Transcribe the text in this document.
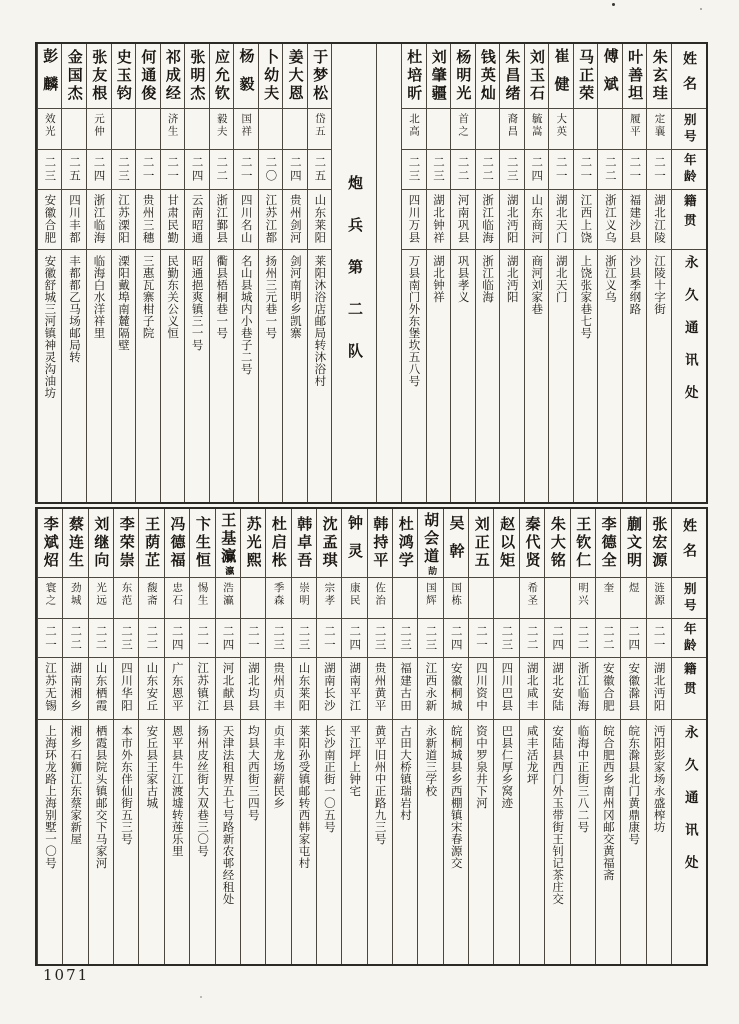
姓名
别号
年龄
籍贯
永久通讯处
朱玄珪
定襄
二一
湖北江陵
江陵十字街
叶善坦
履平
二一
福建沙县
沙县季纲路
傅斌
二二
浙江义乌
浙江义乌
马正荣
二一
江西上饶
上饶张家巷七号
崔健
大英
二一
湖北天门
湖北天门
刘玉石
毓嵩
二四
山东商河
商河刘家巷
朱昌绪
裔昌
二三
湖北沔阳
湖北沔阳
钱英灿
二二
浙江临海
浙江临海
杨明光
首之
二二
河南巩县
巩县孝义
刘肇疆
二三
湖北钟祥
湖北钟祥
杜培昕
北高
二三
四川万县
万县南门外东堡坎五八号
炮兵第二队
于梦松
岱五
二五
山东莱阳
莱阳沐浴店邮局转沐浴村
姜大恩
二四
贵州剑河
剑河南明乡凯寨
卜幼夫
二〇
江苏江都
扬州三元巷一号
杨毅
国祥
二一
四川名山
名山县城内小巷子二号
应允钦
毅夫
二二
浙江鄞县
衢县梧桐巷一号
张明杰
二四
云南昭通
昭通挹爽镇三一号
祁成经
济生
二一
甘肃民勤
民勤东关公义恒
何通俊
二一
贵州三穗
三惠瓦寨柑子院
史玉钧
二三
江苏溧阳
溧阳戴埠南麓隔壁
张友根
元仲
二四
浙江临海
临海白水洋祥里
金国杰
二五
四川丰都
丰都都乙马场邮局转
彭麟
效光
二三
安徽合肥
安徽舒城三河镇神灵沟油坊
姓名
别号
年龄
籍贯
永久通讯处
张宏源
涟源
二一
湖北沔阳
沔阳彭家场永盛榨坊
蒯文明
煜
二四
安徽滁县
皖东滁县北门黄鼎康号
李德全
奎
二二
安徽合肥
皖合肥西乡南州冈邮交黄福斋
王钦仁
明兴
二二
浙江临海
临海中正街三八二号
朱大铭
二四
湖北安陆
安陆县西门外玉带街王钊记茶庄交
秦代贤
希圣
二二
湖北咸丰
咸丰活龙坪
赵以矩
二三
四川巴县
巴县仁厚乡窝迹
刘正五
二一
四川资中
资中罗泉井下河
吴幹
国栋
二四
安徽桐城
皖桐城县乡西棚镇宋春源交
胡会道劼
国辉
二三
江西永新
永新道三学校
杜鸿学
二三
福建古田
古田大桥镇瑞岩村
韩持平
佐治
二三
贵州黄平
黄平旧州中正路九三号
钟灵
康民
二四
湖南平江
平江坪上钟宅
沈孟琪
宗孝
二一
湖南长沙
长沙南正街一〇五号
韩卓吾
崇明
二三
山东莱阳
莱阳孙受镇邮转西韩家屯村
杜启枨
季森
二三
贵州贞丰
贞丰龙场薪民乡
苏光熙
二一
湖北均县
均县大西街三四号
王基灜瀛
浩灜
二四
河北献县
天津法租界五七号路新农邨经租处
卞生恒
惕生
二一
江苏镇江
扬州皮丝街大双巷三〇号
冯德福
忠石
二四
广东恩平
恩平县牛江渡墟转莲乐里
王荫芷
馥斋
二二
山东安丘
安丘县王家古城
李荣崇
东范
二三
四川华阳
本市外东伴仙街五三号
刘继向
光远
二二
山东栖霞
栖霞县院头镇邮交下马家河
蔡连生
劲城
二二
湖南湘乡
湘乡石狮江东蔡家新屋
李斌炤
寰之
二一
江苏无锡
上海环龙路上海别墅一〇号
1071
